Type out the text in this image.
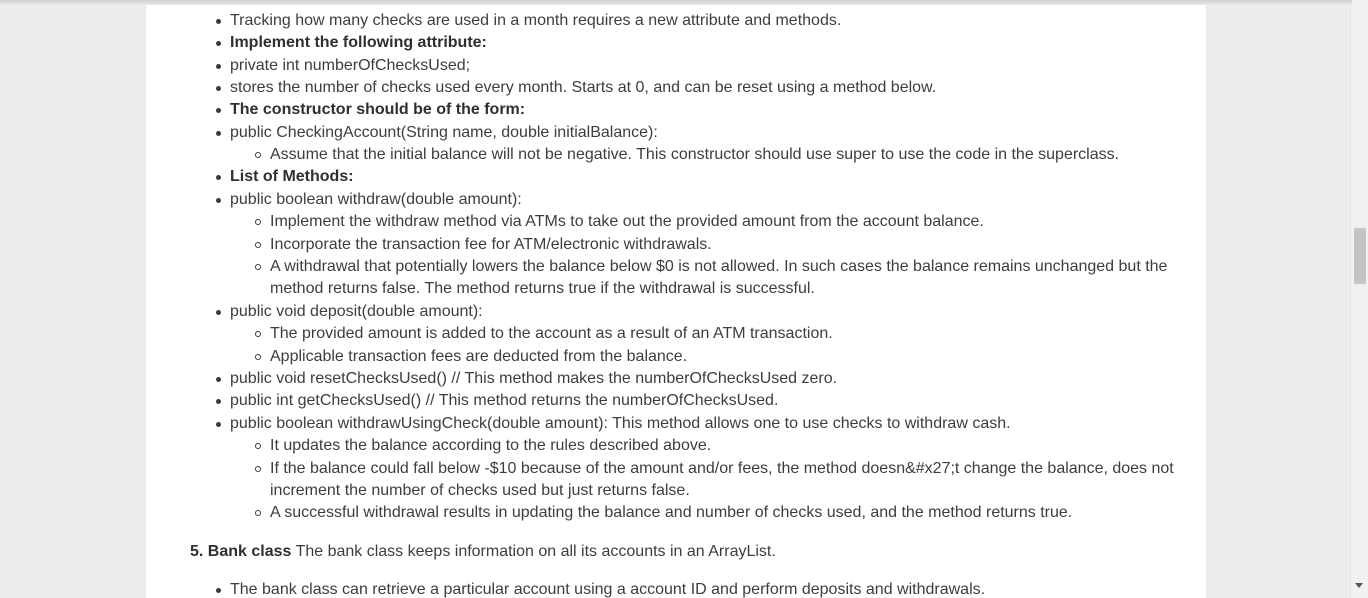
Tracking how many checks are used in a month requires a new attribute and methods.
Implement the following attribute:
private int numberOfChecksUsed;
stores the number of checks used every month. Starts at 0, and can be reset using a method below.
The constructor should be of the form:
public CheckingAccount(String name, double initialBalance):
Assume that the initial balance will not be negative. This constructor should use super to use the code in the superclass.
List of Methods:
public boolean withdraw(double amount):
Implement the withdraw method via ATMs to take out the provided amount from the account balance.
Incorporate the transaction fee for ATM/electronic withdrawals.
A withdrawal that potentially lowers the balance below $0 is not allowed. In such cases the balance remains unchanged but the
method returns false. The method returns true if the withdrawal is successful.
public void deposit(double amount):
The provided amount is added to the account as a result of an ATM transaction.
Applicable transaction fees are deducted from the balance.
public void resetChecksUsed() // This method makes the numberOfChecksUsed zero.
public int getChecksUsed() // This method returns the numberOfChecksUsed.
public boolean withdrawUsingCheck(double amount): This method allows one to use checks to withdraw cash.
It updates the balance according to the rules described above.
If the balance could fall below -$10 because of the amount and/or fees, the method doesn&#x27;t change the balance, does not
increment the number of checks used but just returns false.
A successful withdrawal results in updating the balance and number of checks used, and the method returns true.
5. Bank class The bank class keeps information on all its accounts in an ArrayList.
The bank class can retrieve a particular account using a account ID and perform deposits and withdrawals.
